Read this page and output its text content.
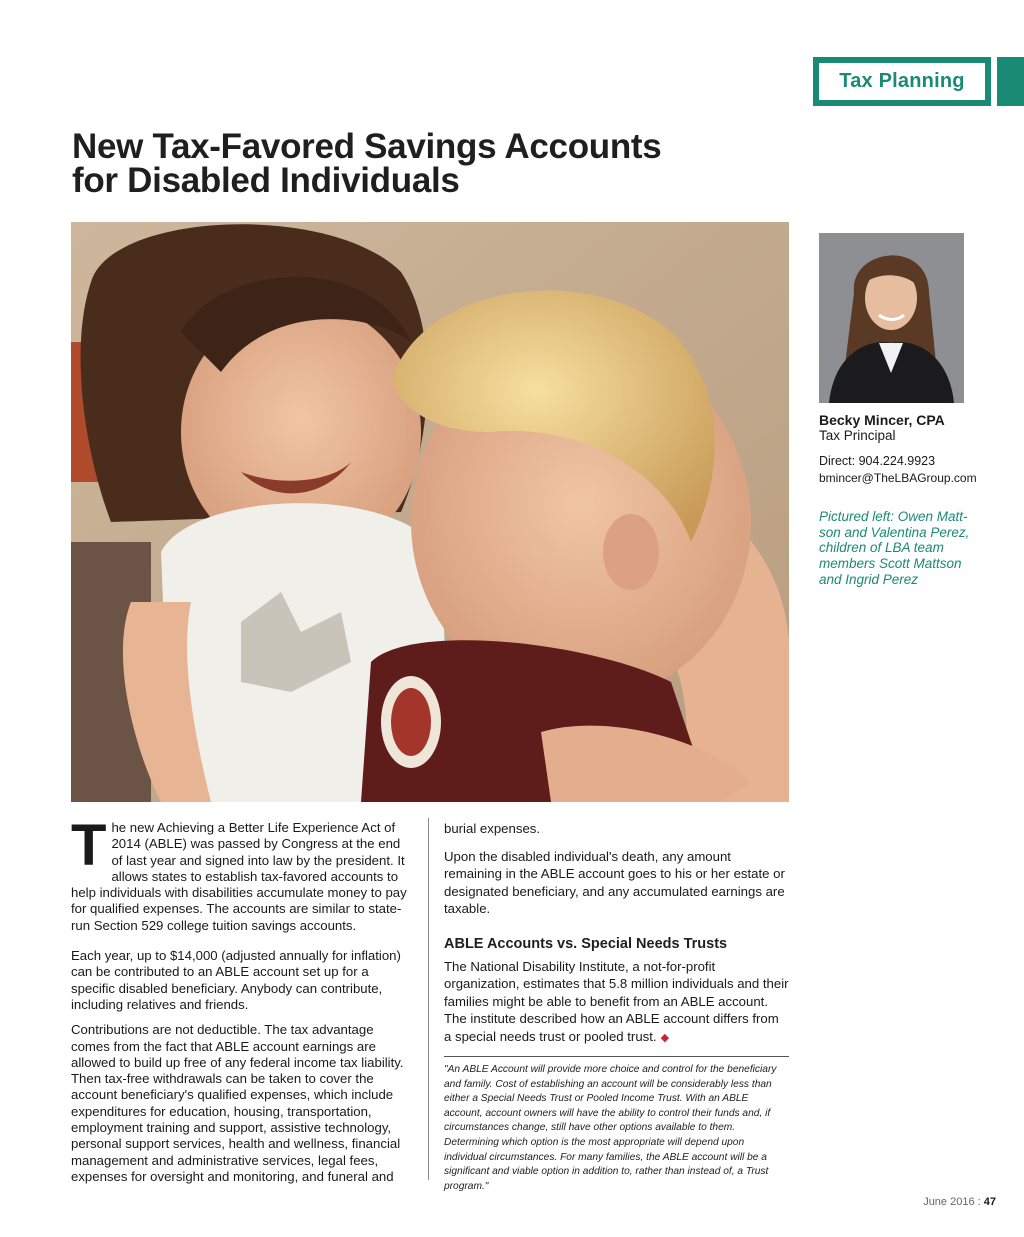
Tax Planning
New Tax-Favored Savings Accounts
for Disabled Individuals
Becky Mincer, CPA
Tax Principal
Direct: 904.224.9923
bmincer@TheLBAGroup.com

Pictured left: Owen Matt-son and Valentina Perez, children of LBA team members Scott Mattson and Ingrid Perez

The new Achieving a Better Life Experience Act of 2014 (ABLE) was passed by Congress at the end of last year and signed into law by the president. It allows states to establish tax-favored accounts to help individuals with disabilities accumulate money to pay for qualified expenses. The accounts are similar to state-run Section 529 college tuition savings accounts.

Each year, up to $14,000 (adjusted annually for inflation) can be contributed to an ABLE account set up for a specific disabled beneficiary. Anybody can contribute, including relatives and friends.

Contributions are not deductible. The tax advantage comes from the fact that ABLE account earnings are allowed to build up free of any federal income tax liability. Then tax-free withdrawals can be taken to cover the account beneficiary's qualified expenses, which include expenditures for education, housing, transportation, employment training and support, assistive technology, personal support services, health and wellness, financial management and administrative services, legal fees, expenses for oversight and monitoring, and funeral and

burial expenses.

Upon the disabled individual's death, any amount remaining in the ABLE account goes to his or her estate or designated beneficiary, and any accumulated earnings are taxable.

ABLE Accounts vs. Special Needs Trusts

The National Disability Institute, a not-for-profit organization, estimates that 5.8 million individuals and their families might be able to benefit from an ABLE account. The institute described how an ABLE account differs from a special needs trust or pooled trust. ◆

"An ABLE Account will provide more choice and control for the beneficiary and family. Cost of establishing an account will be considerably less than either a Special Needs Trust or Pooled Income Trust. With an ABLE account, account owners will have the ability to control their funds and, if circumstances change, still have other options available to them. Determining which option is the most appropriate will depend upon individual circumstances. For many families, the ABLE account will be a significant and viable option in addition to, rather than instead of, a Trust program."

June 2016 : 47
